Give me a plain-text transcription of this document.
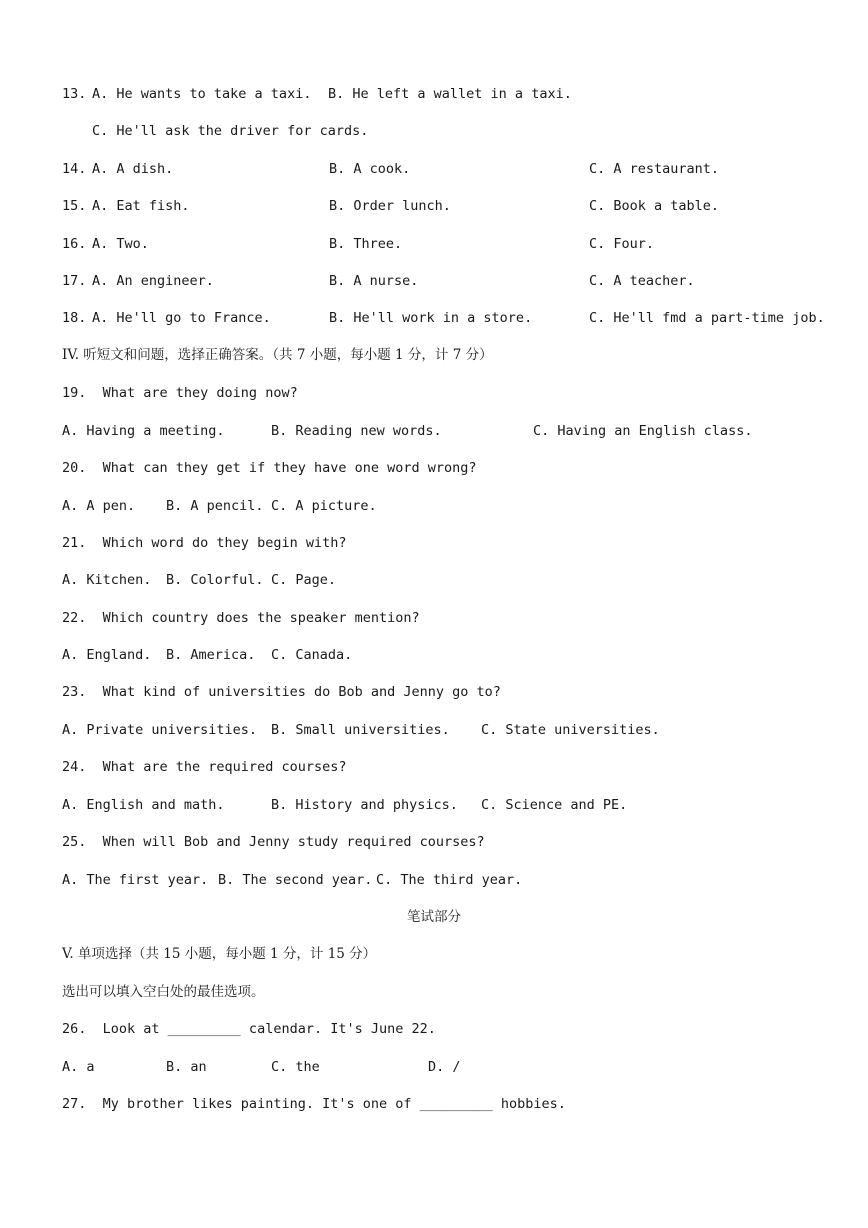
13. A. He wants to take a taxi. B. He left a wallet in a taxi.
C. He'll ask the driver for cards.
14. A. A dish.	B. A cook.	C. A restaurant.
15. A. Eat fish.	B. Order lunch.	C. Book a table.
16. A. Two.	B. Three.	C. Four.
17. A. An engineer.	B. A nurse.	C. A teacher.
18. A. He'll go to France.	B. He'll work in a store.	C. He'll fmd a part-time job.
IV. 听短文和问题，选择正确答案。（共 7 小题，每小题 1 分，计 7 分）
19.  What are they doing now?
A. Having a meeting.	B. Reading new words.	C. Having an English class.
20.  What can they get if they have one word wrong?
A. A pen. B. A pencil. C. A picture.
21.  Which word do they begin with?
A. Kitchen. B. Colorful. C. Page.
22.  Which country does the speaker mention?
A. England. B. America. C. Canada.
23.  What kind of universities do Bob and Jenny go to?
A. Private universities. B. Small universities. C. State universities.
24.  What are the required courses?
A. English and math.	B. History and physics. C. Science and PE.
25.  When will Bob and Jenny study required courses?
A. The first year. B. The second year. C. The third year.
笔试部分
V. 单项选择（共 15 小题，每小题 1 分，计 15 分）
选出可以填入空白处的最佳选项。
26.  Look at _________ calendar. It's June 22.
A. a	B. an	C. the	D. /
27.  My brother likes painting. It's one of _________ hobbies.
